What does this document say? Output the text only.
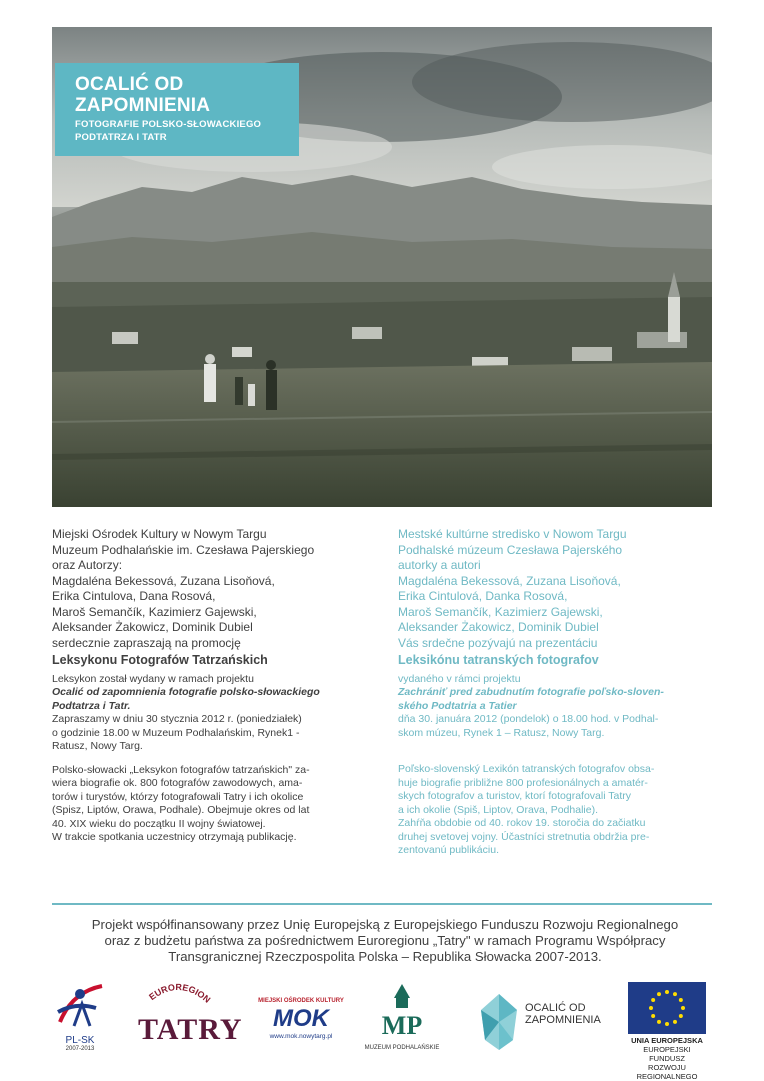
OCALIĆ OD
ZAPOMNIENIA
FOTOGRAFIE POLSKO-SŁOWACKIEGO
PODTATRZA I TATR

Miejski Ośrodek Kultury w Nowym Targu

Muzeum Podhalańskie im. Czesława Pajerskiego

oraz Autorzy:

Magdaléna Bekessová, Zuzana Lisoňová,

Erika Cintulova, Dana Rosová,

Maroš Semančík, Kazimierz Gajewski,

Aleksander Żakowicz, Dominik Dubiel

serdecznie zapraszają na promocję

Leksykonu Fotografów Tatrzańskich

Leksykon został wydany w ramach projektu

Ocalić od zapomnienia fotografie polsko-słowackiego

Podtatrza i Tatr.

Zapraszamy w dniu 30 stycznia 2012 r. (poniedziałek)

o godzinie 18.00 w Muzeum Podhalańskim, Rynek1 -

Ratusz, Nowy Targ.

Polsko-słowacki „Leksykon fotografów tatrzańskich" za-

wiera biografie ok. 800 fotografów zawodowych, ama-

torów i turystów, którzy fotografowali Tatry i ich okolice

(Spisz, Liptów, Orawa, Podhale). Obejmuje okres od lat

40. XIX wieku do początku II wojny światowej.

W trakcie spotkania uczestnicy otrzymają publikację.

Mestské kultúrne stredisko v Nowom Targu

Podhalské múzeum Czesława Pajerského

autorky a autori

Magdaléna Bekessová, Zuzana Lisoňová,

Erika Cintulová, Danka Rosová,

Maroš Semančík, Kazimierz Gajewski,

Aleksander Żakowicz, Dominik Dubiel

Vás srdečne pozývajú na prezentáciu

Leksikónu tatranských fotografov

vydaného v rámci projektu

Zachrániť pred zabudnutím fotografie poľsko-sloven-

ského Podtatria a Tatier

dňa 30. januára 2012 (pondelok) o 18.00 hod. v Podhal-

skom múzeu, Rynek 1 – Ratusz, Nowy Targ.

Poľsko-slovenský Lexikón tatranských fotografov obsa-

huje biografie približne 800 profesionálnych a amatér-

skych fotografov a turistov, ktorí fotografovali Tatry

a ich okolie (Spiš, Liptov, Orava, Podhalie).

Zahŕňa obdobie od 40. rokov 19. storočia do začiatku

druhej svetovej vojny. Účastníci stretnutia obdržia pre-

zentovanú publikáciu.

Projekt współfinansowany przez Unię Europejską z Europejskiego Funduszu Rozwoju Regionalnego

oraz z budżetu państwa za pośrednictwem Euroregionu „Tatry" w ramach Programu Współpracy

Transgranicznej Rzeczpospolita Polska – Republika Słowacka 2007-2013.

PL-SK
2007-2013
EUROREGION
TATRY
MIEJSKI OŚRODEK KULTURY
MOK
www.mok.nowytarg.pl	MP
MUZEUM PODHALAŃSKIE
OCALIĆ OD
ZAPOMNIENIA
UNIA EUROPEJSKA
EUROPEJSKI FUNDUSZ
ROZWOJU REGIONALNEGO
